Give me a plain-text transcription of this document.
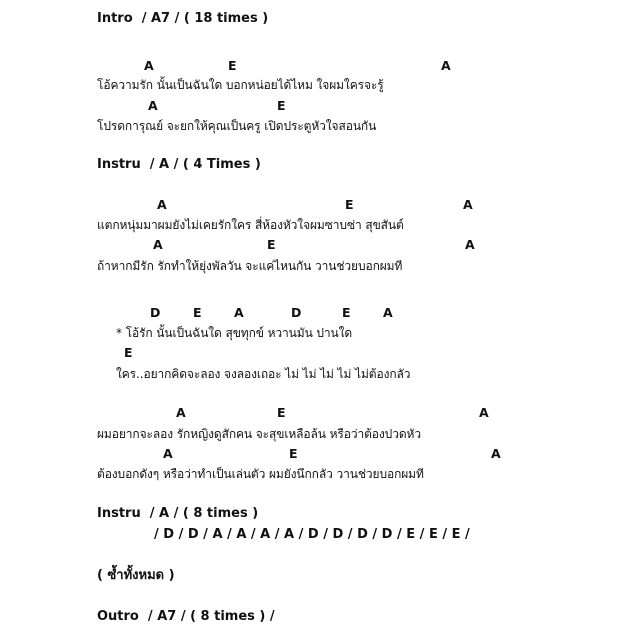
Intro  / A7 / ( 18 times )

A

	E

	A

โอ้ความรัก นั้นเป็นฉันใด บอกหน่อยได้ไหม ใจผมใครจะรู้

A

	E

โปรดการุณย์ จะยกให้คุณเป็นครู เปิดประตูหัวใจสอนกัน
Instru  / A / ( 4 Times )

A

	E

	A

แตกหนุ่มมาผมยังไม่เคยรักใคร สี่ห้องหัวใจผมซาบซ่า สุขสันต์

A

	E

	A

ถ้าหากมีรัก รักทำให้ยุ่งพัลวัน จะแค่ไหนกัน วานช่วยบอกผมที

D

	E

	A

	D

	E

	A

* โอ้รัก นั้นเป็นฉันใด สุขทุกข์ หวานมัน ปานใด

E

ใคร..อยากคิดจะลอง จงลองเถอะ ไม่ ไม่ ไม่ ไม่ ไม่ต้องกลัว

A

	E

	A

ผมอยากจะลอง รักหญิงดูสักคน จะสุขเหลือล้น หรือว่าต้องปวดหัว

A

	E

	A

ต้องบอกดังๆ หรือว่าทำเป็นเล่นตัว ผมยังนึกกลัว วานช่วยบอกผมที
Instru  / A / ( 8 times )
/ D / D / A / A / A / A / D / D / D / D / E / E / E /
( ซ้ำทั้งหมด )
Outro  / A7 / ( 8 times ) /
